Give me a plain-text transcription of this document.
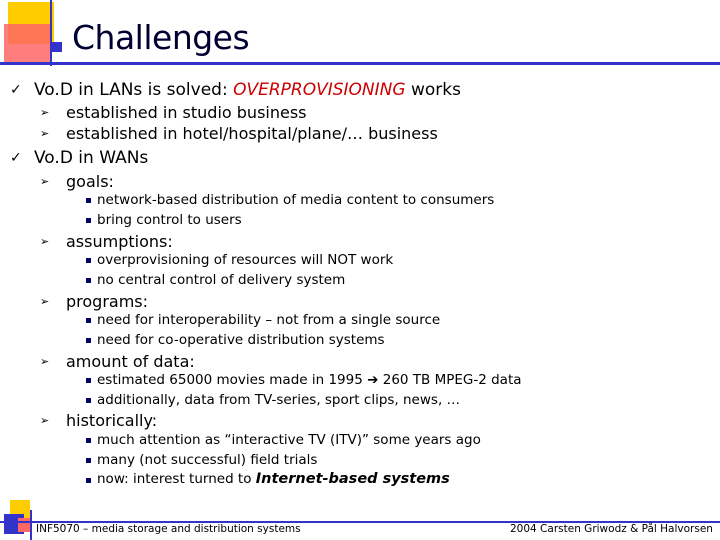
Challenges
✓ Vo.D in LANs is solved: OVERPROVISIONING works
➢ established in studio business
➢ established in hotel/hospital/plane/… business
✓ Vo.D in WANs
➢ goals:
network-based distribution of media content to consumers
bring control to users
➢ assumptions:
overprovisioning of resources will NOT work
no central control of delivery system
➢ programs:
need for interoperability – not from a single source
need for co-operative distribution systems
➢ amount of data:
estimated 65000 movies made in 1995 ➔ 260 TB MPEG-2 data
additionally, data from TV-series, sport clips, news, …
➢ historically:
much attention as “interactive TV (ITV)” some years ago
many (not successful) field trials
now: interest turned to Internet-based systems
INF5070 – media storage and distribution systems	2004 Carsten Griwodz & Pål Halvorsen
